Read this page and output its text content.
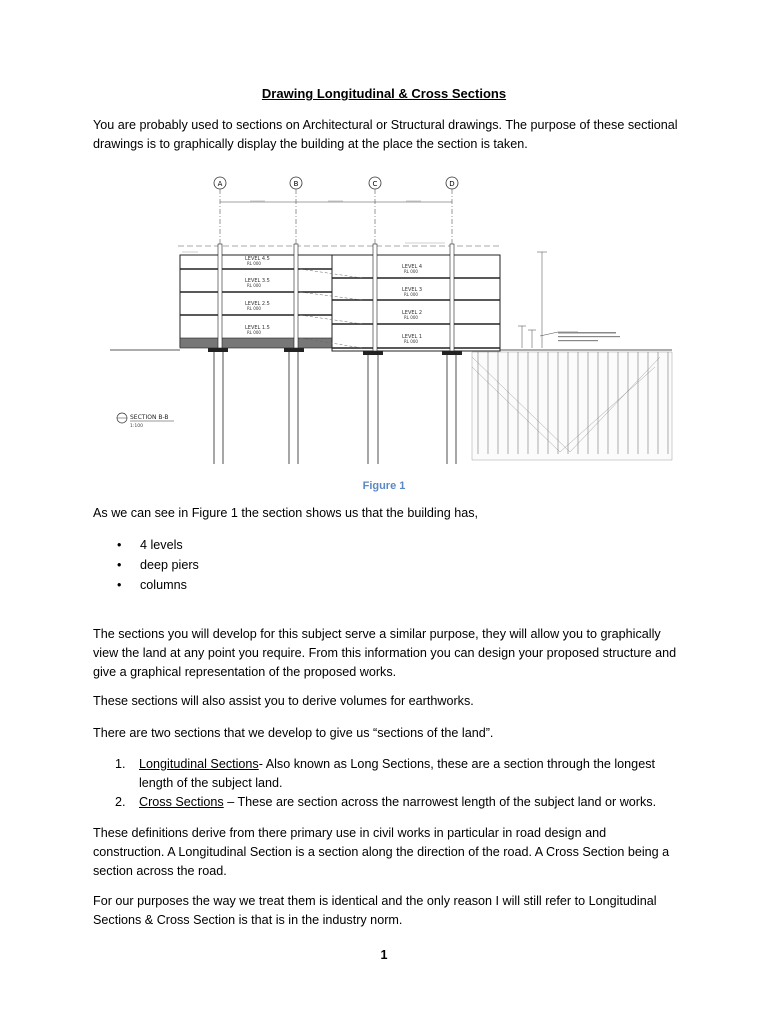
Drawing Longitudinal & Cross Sections
You are probably used to sections on Architectural or Structural drawings. The purpose of these sectional drawings is to graphically display the building at the place the section is taken.
A	B	C	D
LEVEL 4.5
RL 000
LEVEL 3.5
RL 000
LEVEL 2.5
RL 000
LEVEL 1.5
RL 000
LEVEL 4
RL 000
LEVEL 3
RL 000
LEVEL 2
RL 000
LEVEL 1
RL 000
SECTION B-B
1:100
Figure 1
As we can see in Figure 1 the section shows us that the building has,
• 4 levels
• deep piers
• columns
The sections you will develop for this subject serve a similar purpose, they will allow you to graphically view the land at any point you require. From this information you can design your proposed structure and give a graphical representation of the proposed works.
These sections will also assist you to derive volumes for earthworks.
There are two sections that we develop to give us “sections of the land”.
1. Longitudinal Sections- Also known as Long Sections, these are a section through the longest length of the subject land.
2. Cross Sections – These are section across the narrowest length of the subject land or works.
These definitions derive from there primary use in civil works in particular in road design and construction. A Longitudinal Section is a section along the direction of the road. A Cross Section being a section across the road.
For our purposes the way we treat them is identical and the only reason I will still refer to Longitudinal Sections & Cross Section is that is in the industry norm.
1
